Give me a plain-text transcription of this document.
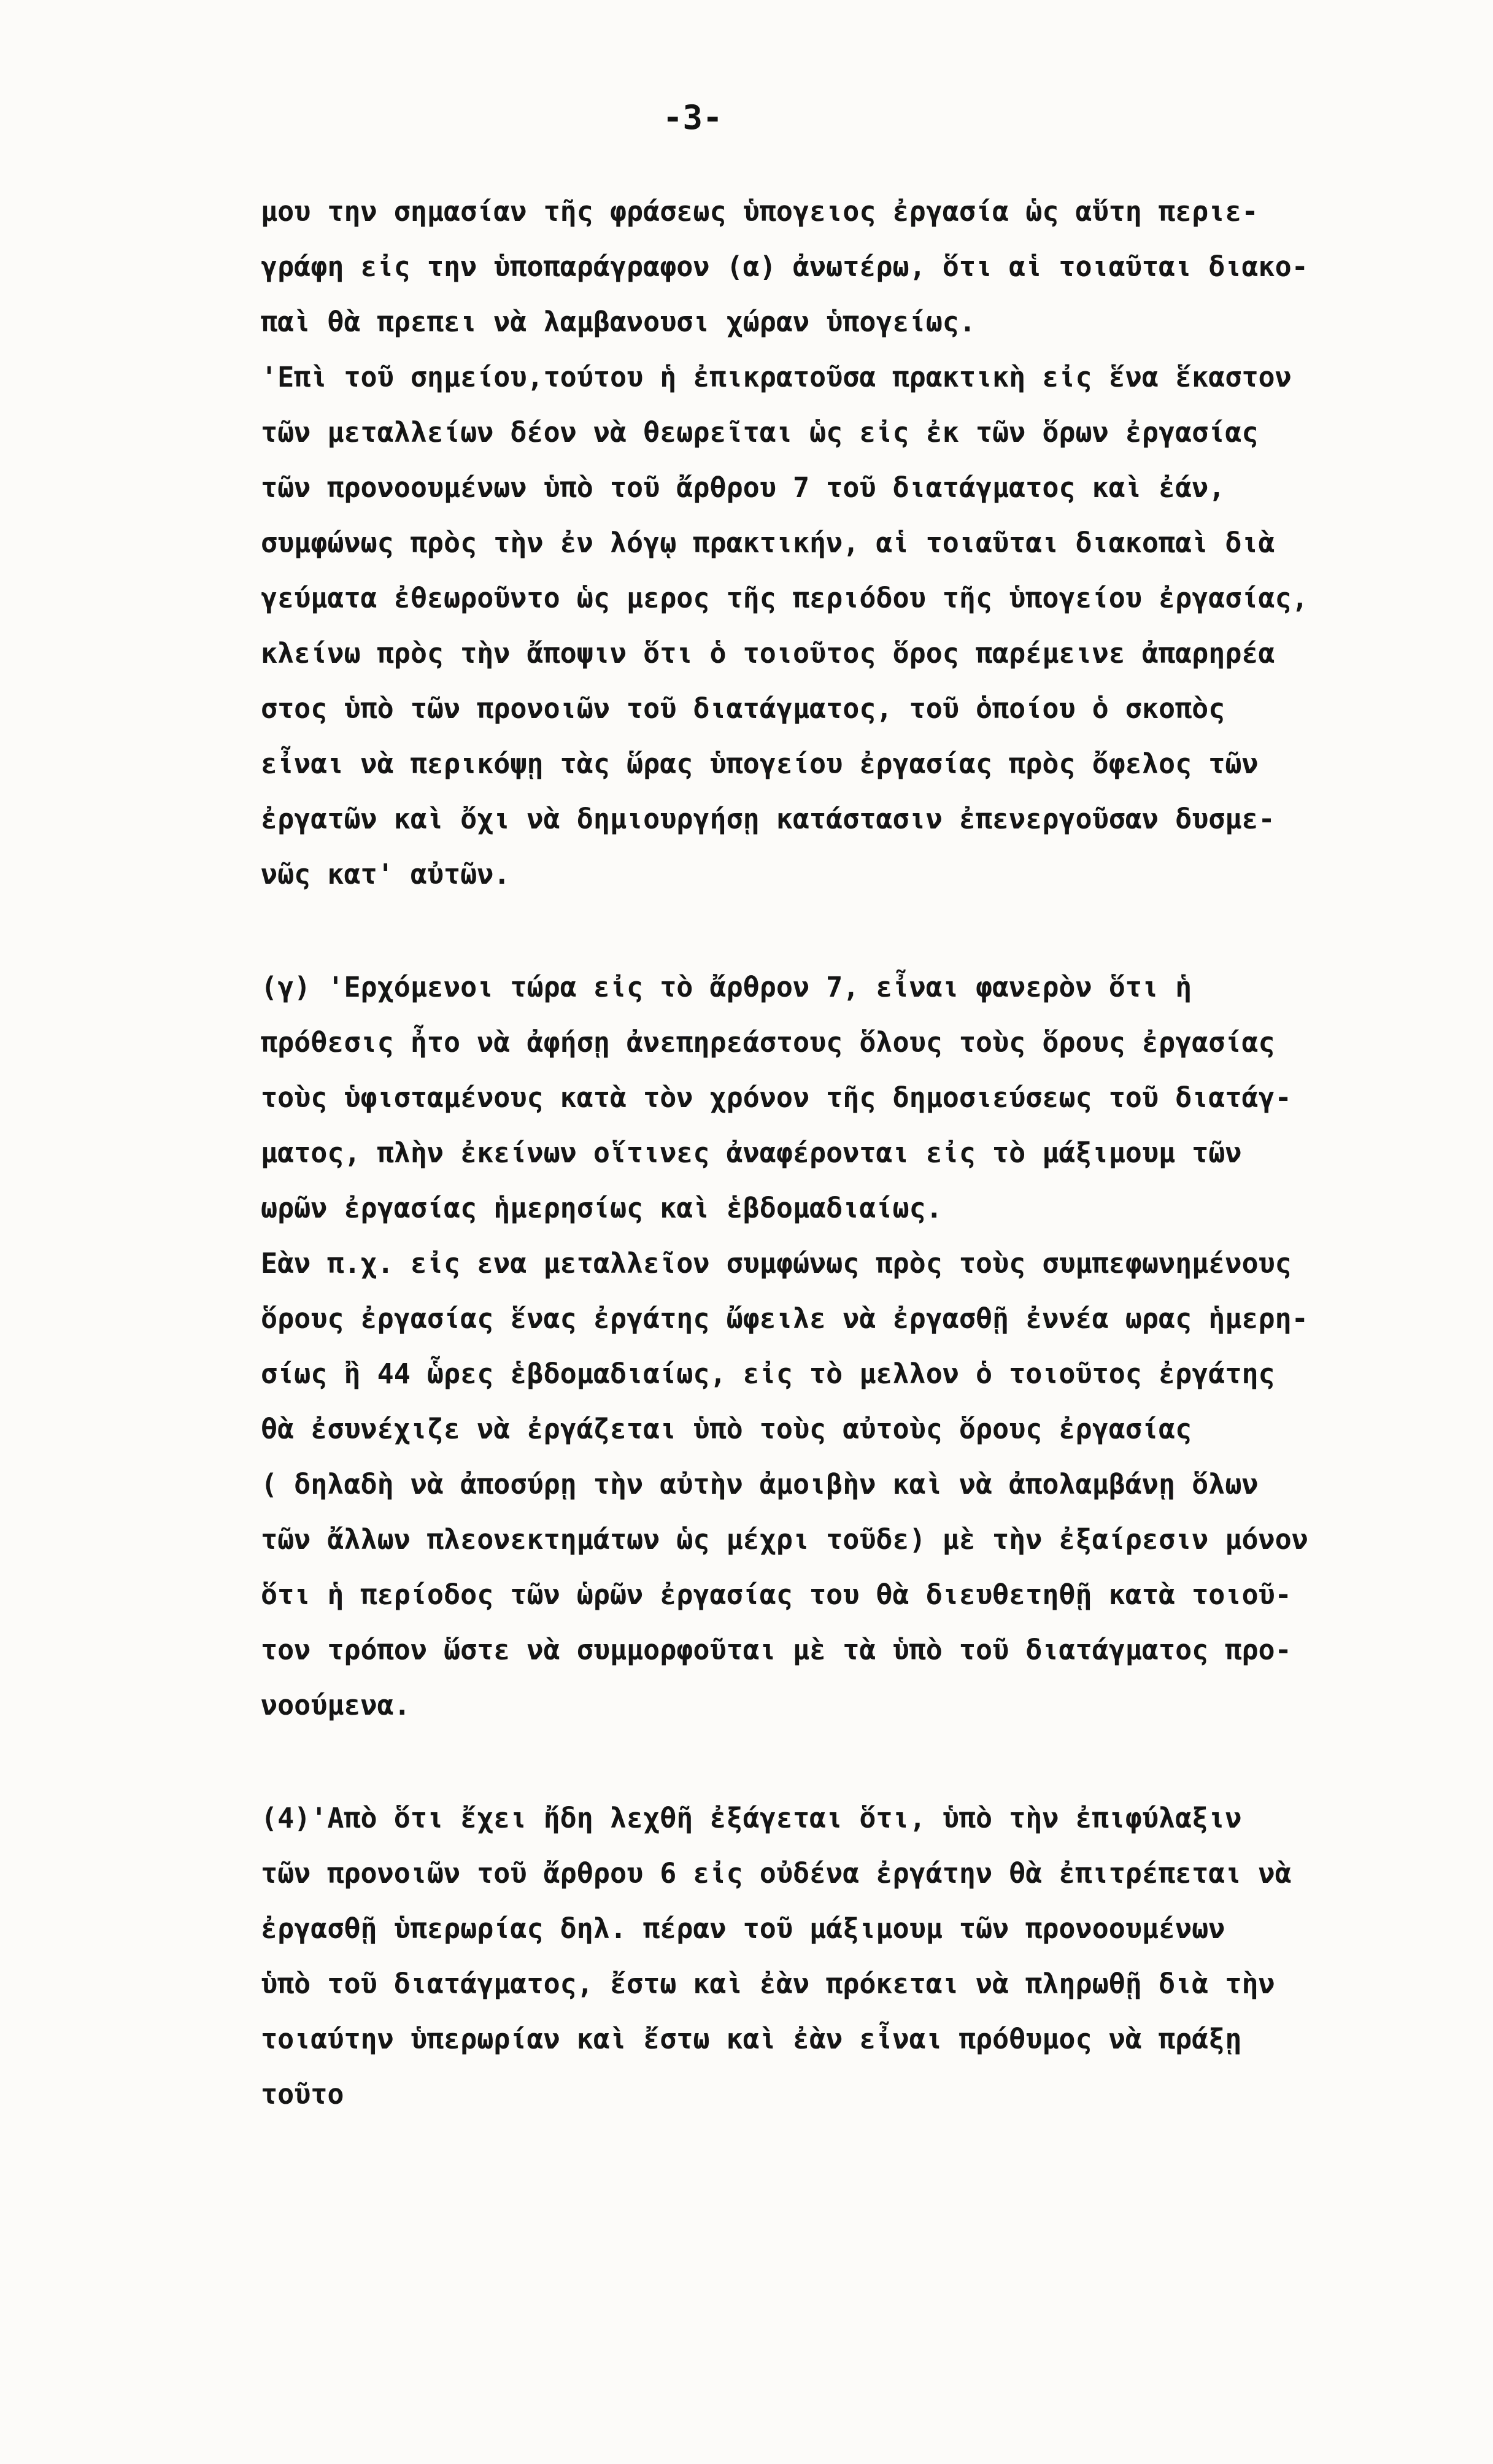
-3-
μου την σημασίαν τῆς φράσεως ὑπογειος ἐργασία ὡς αὕτη περιε-
γράφη εἰς την ὑποπαράγραφον (α) ἀνωτέρω, ὅτι αἱ τοιαῦται διακο-
παὶ θὰ πρεπει νὰ λαμβανουσι χώραν ὑπογείως.
'Επὶ τοῦ σημείου,τούτου ἡ ἐπικρατοῦσα πρακτικὴ εἰς ἕνα ἕκαστον
τῶν μεταλλείων δέον νὰ θεωρεῖται ὡς εἰς ἐκ τῶν ὅρων ἐργασίας
τῶν προνοουμένων ὑπὸ τοῦ ἄρθρου 7 τοῦ διατάγματος καὶ ἐάν,
συμφώνως πρὸς τὴν ἐν λόγῳ πρακτικήν, αἱ τοιαῦται διακοπαὶ διὰ
γεύματα ἐθεωροῦντο ὡς μερος τῆς περιόδου τῆς ὑπογείου ἐργασίας,
κλείνω πρὸς τὴν ἄποψιν ὅτι ὁ τοιοῦτος ὅρος παρέμεινε ἀπαρηρέα
στος ὑπὸ τῶν προνοιῶν τοῦ διατάγματος, τοῦ ὁποίου ὁ σκοπὸς
εἶναι νὰ περικόψῃ τὰς ὥρας ὑπογείου ἐργασίας πρὸς ὄφελος τῶν
ἐργατῶν καὶ ὄχι νὰ δημιουργήσῃ κατάστασιν ἐπενεργοῦσαν δυσμε-
νῶς κατ' αὐτῶν.
(γ) 'Ερχόμενοι τώρα εἰς τὸ ἄρθρον 7, εἶναι φανερὸν ὅτι ἡ
πρόθεσις ἦτο νὰ ἀφήσῃ ἀνεπηρεάστους ὅλους τοὺς ὅρους ἐργασίας
τοὺς ὑφισταμένους κατὰ τὸν χρόνον τῆς δημοσιεύσεως τοῦ διατάγ-
ματος, πλὴν ἐκείνων οἵτινες ἀναφέρονται εἰς τὸ μάξιμουμ τῶν
ωρῶν ἐργασίας ἡμερησίως καὶ ἑβδομαδιαίως.
Εὰν π.χ. εἰς ενα μεταλλεῖον συμφώνως πρὸς τοὺς συμπεφωνημένους
ὅρους ἐργασίας ἕνας ἐργάτης ὤφειλε νὰ ἐργασθῇ ἐννέα ωρας ἡμερη-
σίως ἢ 44 ὧρες ἑβδομαδιαίως, εἰς τὸ μελλον ὁ τοιοῦτος ἐργάτης
θὰ ἐσυνέχιζε νὰ ἐργάζεται ὑπὸ τοὺς αὐτοὺς ὅρους ἐργασίας
( δηλαδὴ νὰ ἀποσύρῃ τὴν αὐτὴν ἀμοιβὴν καὶ νὰ ἀπολαμβάνῃ ὅλων
τῶν ἄλλων πλεονεκτημάτων ὡς μέχρι τοῦδε) μὲ τὴν ἐξαίρεσιν μόνον
ὅτι ἡ περίοδος τῶν ὡρῶν ἐργασίας του θὰ διευθετηθῇ κατὰ τοιοῦ-
τον τρόπον ὥστε νὰ συμμορφοῦται μὲ τὰ ὑπὸ τοῦ διατάγματος προ-
νοούμενα.
(4)'Απὸ ὅτι ἔχει ἤδη λεχθῆ ἐξάγεται ὅτι, ὑπὸ τὴν ἐπιφύλαξιν
τῶν προνοιῶν τοῦ ἄρθρου 6 εἰς οὐδένα ἐργάτην θὰ ἐπιτρέπεται νὰ
ἐργασθῇ ὑπερωρίας δηλ. πέραν τοῦ μάξιμουμ τῶν προνοουμένων
ὑπὸ τοῦ διατάγματος, ἔστω καὶ ἐὰν πρόκεται νὰ πληρωθῇ διὰ τὴν
τοιαύτην ὑπερωρίαν καὶ ἔστω καὶ ἐὰν εἶναι πρόθυμος νὰ πράξῃ
τοῦτο
